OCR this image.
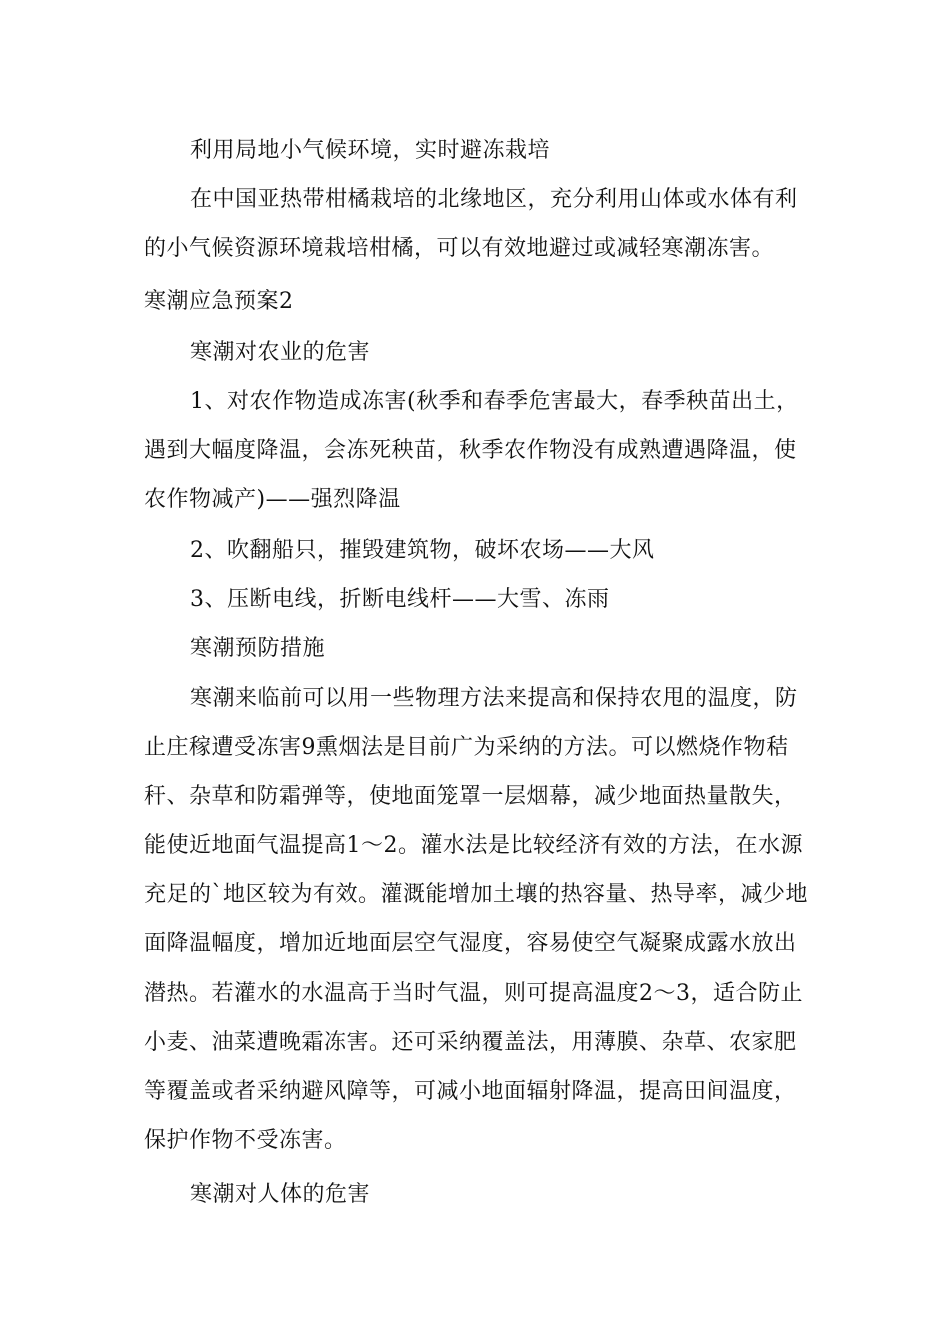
利用局地小气候环境，实时避冻栽培
在中国亚热带柑橘栽培的北缘地区，充分利用山体或水体有利
的小气候资源环境栽培柑橘，可以有效地避过或减轻寒潮冻害。
寒潮应急预案2
寒潮对农业的危害
1、对农作物造成冻害(秋季和春季危害最大，春季秧苗出土，
遇到大幅度降温，会冻死秧苗，秋季农作物没有成熟遭遇降温，使
农作物减产)——强烈降温
2、吹翻船只，摧毁建筑物，破坏农场——大风
3、压断电线，折断电线杆——大雪、冻雨
寒潮预防措施
寒潮来临前可以用一些物理方法来提高和保持农甩的温度，防
止庄稼遭受冻害9熏烟法是目前广为采纳的方法。可以燃烧作物秸
秆、杂草和防霜弹等，使地面笼罩一层烟幕，减少地面热量散失，
能使近地面气温提高1～2。灌水法是比较经济有效的方法，在水源
充足的`地区较为有效。灌溉能增加土壤的热容量、热导率，减少地
面降温幅度，增加近地面层空气湿度，容易使空气凝聚成露水放出
潜热。若灌水的水温高于当时气温，则可提高温度2～3，适合防止
小麦、油菜遭晚霜冻害。还可采纳覆盖法，用薄膜、杂草、农家肥
等覆盖或者采纳避风障等，可减小地面辐射降温，提高田间温度，
保护作物不受冻害。
寒潮对人体的危害
